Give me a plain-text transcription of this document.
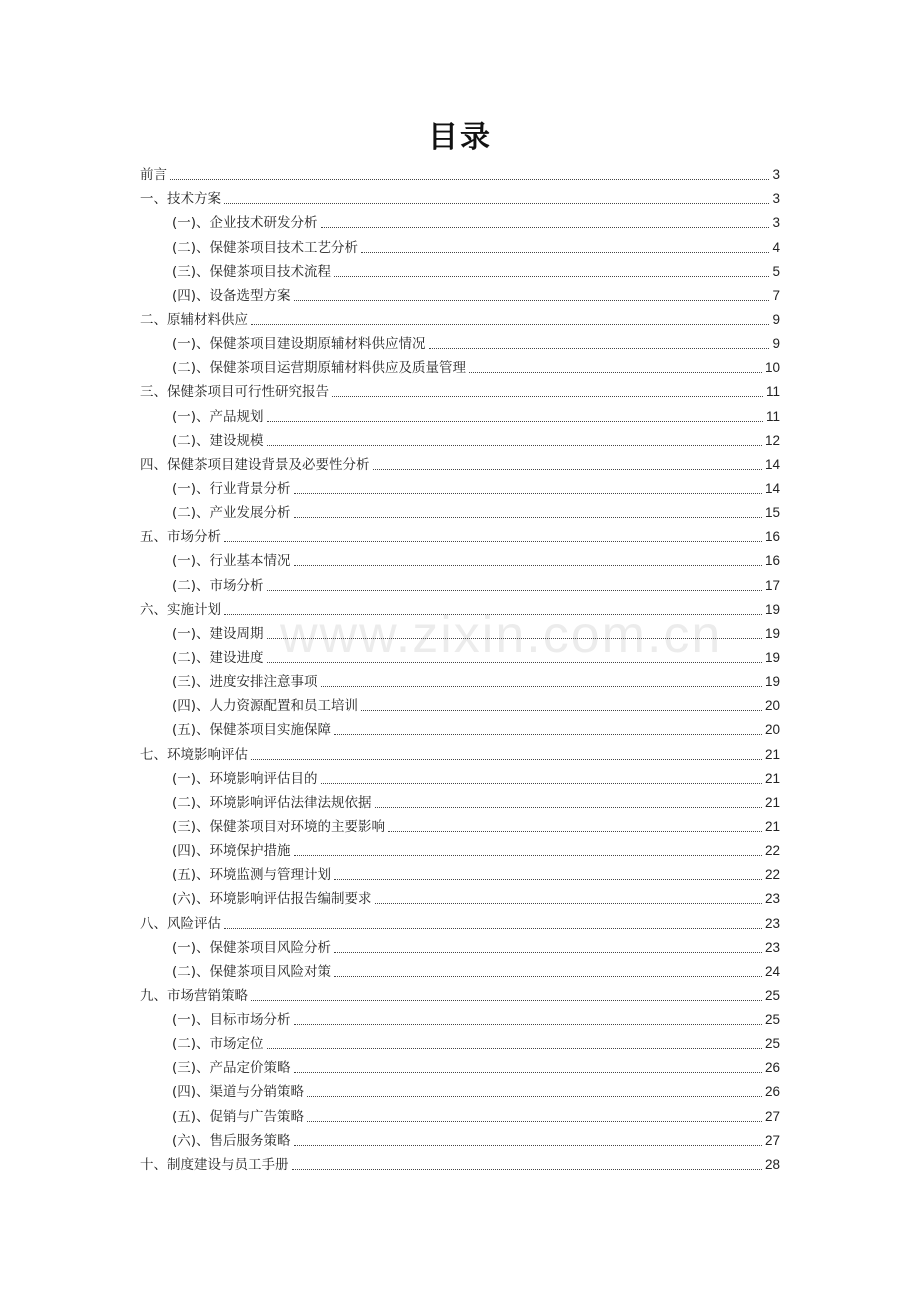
目录
www.zixin.com.cn
前言	3
一、技术方案	3
(一)、企业技术研发分析	3
(二)、保健茶项目技术工艺分析	4
(三)、保健茶项目技术流程	5
(四)、设备选型方案	7
二、原辅材料供应	9
(一)、保健茶项目建设期原辅材料供应情况	9
(二)、保健茶项目运营期原辅材料供应及质量管理	10
三、保健茶项目可行性研究报告	11
(一)、产品规划	11
(二)、建设规模	12
四、保健茶项目建设背景及必要性分析	14
(一)、行业背景分析	14
(二)、产业发展分析	15
五、市场分析	16
(一)、行业基本情况	16
(二)、市场分析	17
六、实施计划	19
(一)、建设周期	19
(二)、建设进度	19
(三)、进度安排注意事项	19
(四)、人力资源配置和员工培训	20
(五)、保健茶项目实施保障	20
七、环境影响评估	21
(一)、环境影响评估目的	21
(二)、环境影响评估法律法规依据	21
(三)、保健茶项目对环境的主要影响	21
(四)、环境保护措施	22
(五)、环境监测与管理计划	22
(六)、环境影响评估报告编制要求	23
八、风险评估	23
(一)、保健茶项目风险分析	23
(二)、保健茶项目风险对策	24
九、市场营销策略	25
(一)、目标市场分析	25
(二)、市场定位	25
(三)、产品定价策略	26
(四)、渠道与分销策略	26
(五)、促销与广告策略	27
(六)、售后服务策略	27
十、制度建设与员工手册	28
